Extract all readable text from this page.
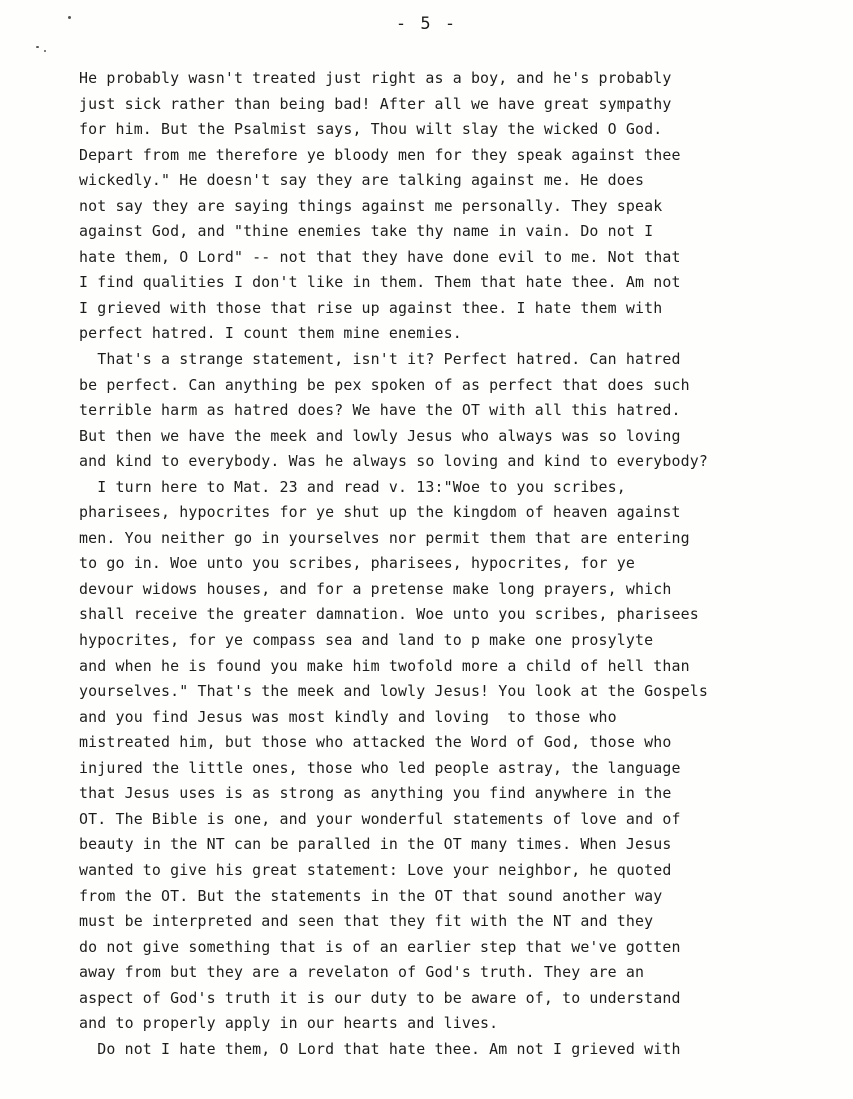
- 5 -
He probably wasn't treated just right as a boy, and he's probably
just sick rather than being bad! After all we have great sympathy
for him. But the Psalmist says, Thou wilt slay the wicked O God.
Depart from me therefore ye bloody men for they speak against thee
wickedly." He doesn't say they are talking against me. He does
not say they are saying things against me personally. They speak
against God, and "thine enemies take thy name in vain. Do not I
hate them, O Lord" -- not that they have done evil to me. Not that
I find qualities I don't like in them. Them that hate thee. Am not
I grieved with those that rise up against thee. I hate them with
perfect hatred. I count them mine enemies.
That's a strange statement, isn't it? Perfect hatred. Can hatred
be perfect. Can anything be pex spoken of as perfect that does such
terrible harm as hatred does? We have the OT with all this hatred.
But then we have the meek and lowly Jesus who always was so loving
and kind to everybody. Was he always so loving and kind to everybody?
I turn here to Mat. 23 and read v. 13:"Woe to you scribes,
pharisees, hypocrites for ye shut up the kingdom of heaven against
men. You neither go in yourselves nor permit them that are entering
to go in. Woe unto you scribes, pharisees, hypocrites, for ye
devour widows houses, and for a pretense make long prayers, which
shall receive the greater damnation. Woe unto you scribes, pharisees
hypocrites, for ye compass sea and land to p make one prosylyte
and when he is found you make him twofold more a child of hell than
yourselves." That's the meek and lowly Jesus! You look at the Gospels
and you find Jesus was most kindly and loving  to those who
mistreated him, but those who attacked the Word of God, those who
injured the little ones, those who led people astray, the language
that Jesus uses is as strong as anything you find anywhere in the
OT. The Bible is one, and your wonderful statements of love and of
beauty in the NT can be paralled in the OT many times. When Jesus
wanted to give his great statement: Love your neighbor, he quoted
from the OT. But the statements in the OT that sound another way
must be interpreted and seen that they fit with the NT and they
do not give something that is of an earlier step that we've gotten
away from but they are a revelaton of God's truth. They are an
aspect of God's truth it is our duty to be aware of, to understand
and to properly apply in our hearts and lives.
Do not I hate them, O Lord that hate thee. Am not I grieved with
